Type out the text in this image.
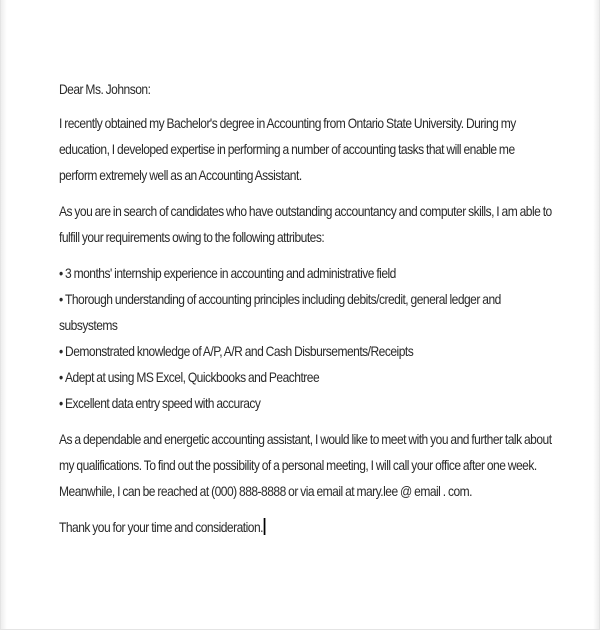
Dear Ms. Johnson:

I recently obtained my Bachelor's degree in Accounting from Ontario State University. During my education, I developed expertise in performing a number of accounting tasks that will enable me perform extremely well as an Accounting Assistant.

As you are in search of candidates who have outstanding accountancy and computer skills, I am able to fulfill your requirements owing to the following attributes:

• 3 months' internship experience in accounting and administrative field
• Thorough understanding of accounting principles including debits/credit, general ledger and subsystems
• Demonstrated knowledge of A/P, A/R and Cash Disbursements/Receipts
• Adept at using MS Excel, Quickbooks and Peachtree
• Excellent data entry speed with accuracy

As a dependable and energetic accounting assistant, I would like to meet with you and further talk about my qualifications. To find out the possibility of a personal meeting, I will call your office after one week. Meanwhile, I can be reached at (000) 888-8888 or via email at mary.lee @ email . com.

Thank you for your time and consideration.
